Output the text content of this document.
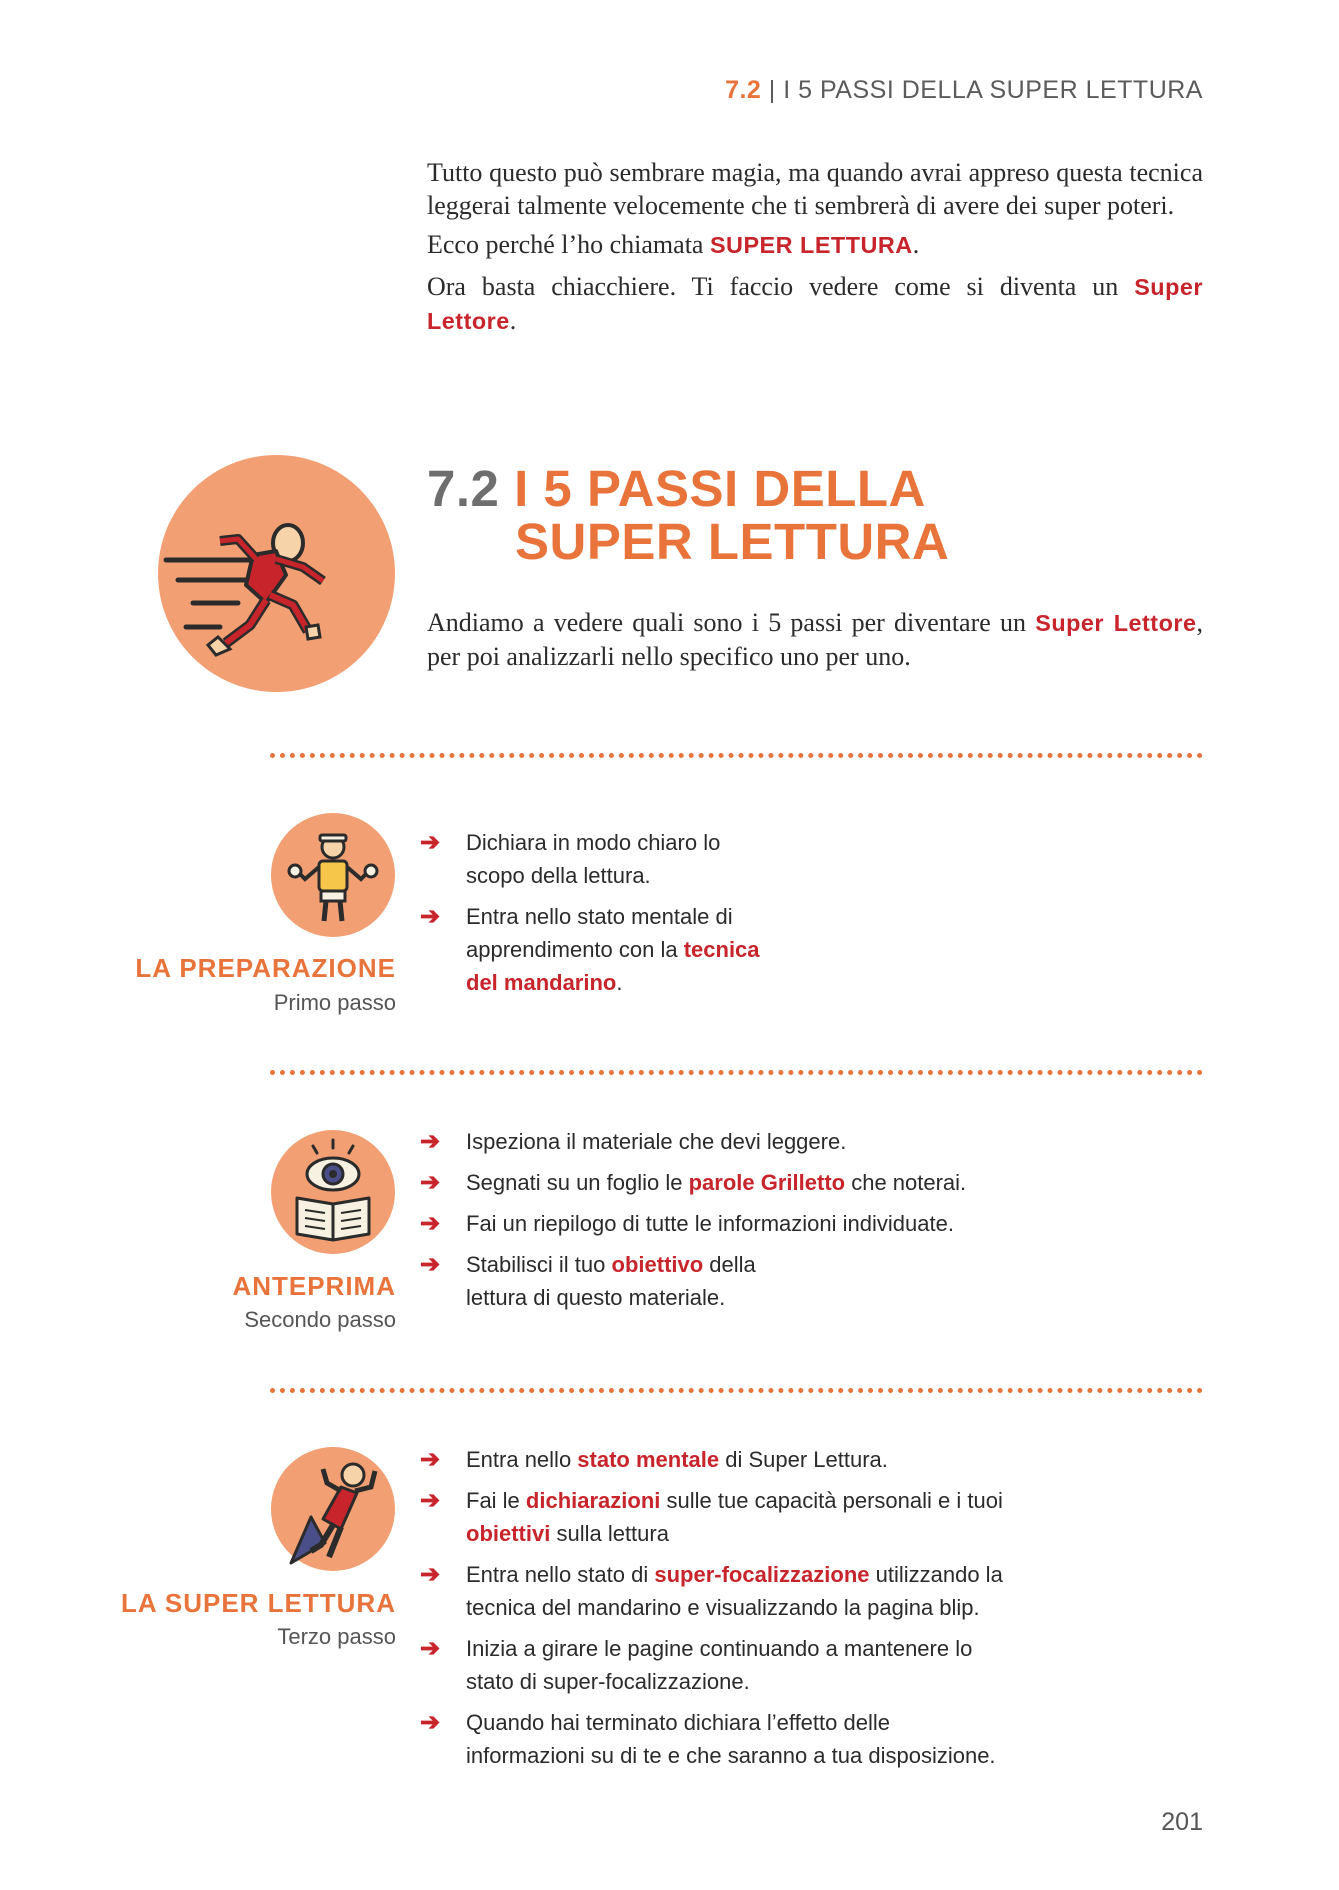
7.2 | I 5 PASSI DELLA SUPER LETTURA

Tutto questo può sembrare magia, ma quando avrai appreso questa tecnica leggerai talmente velocemente che ti sembrerà di avere dei super poteri.

Ecco perché l’ho chiamata SUPER LETTURA.

Ora basta chiacchiere. Ti faccio vedere come si diventa un Super Lettore.

7.2 I 5 PASSI DELLA
SUPER LETTURA
Andiamo a vedere quali sono i 5 passi per diventare un Super Lettore, per poi analizzarli nello specifico uno per uno.
LA PREPARAZIONE
Primo passo
➔ Dichiara in modo chiaro lo scopo della lettura.
➔ Entra nello stato mentale di apprendimento con la tecnica del mandarino.
ANTEPRIMA
Secondo passo
➔ Ispeziona il materiale che devi leggere.
➔ Segnati su un foglio le parole Grilletto che noterai.
➔ Fai un riepilogo di tutte le informazioni individuate.
➔ Stabilisci il tuo obiettivo della lettura di questo materiale.
LA SUPER LETTURA
Terzo passo
➔ Entra nello stato mentale di Super Lettura.
➔ Fai le dichiarazioni sulle tue capacità personali e i tuoi obiettivi sulla lettura
➔ Entra nello stato di super-focalizzazione utilizzando la tecnica del mandarino e visualizzando la pagina blip.
➔ Inizia a girare le pagine continuando a mantenere lo stato di super-focalizzazione.
➔ Quando hai terminato dichiara l’effetto delle informazioni su di te e che saranno a tua disposizione.
201
